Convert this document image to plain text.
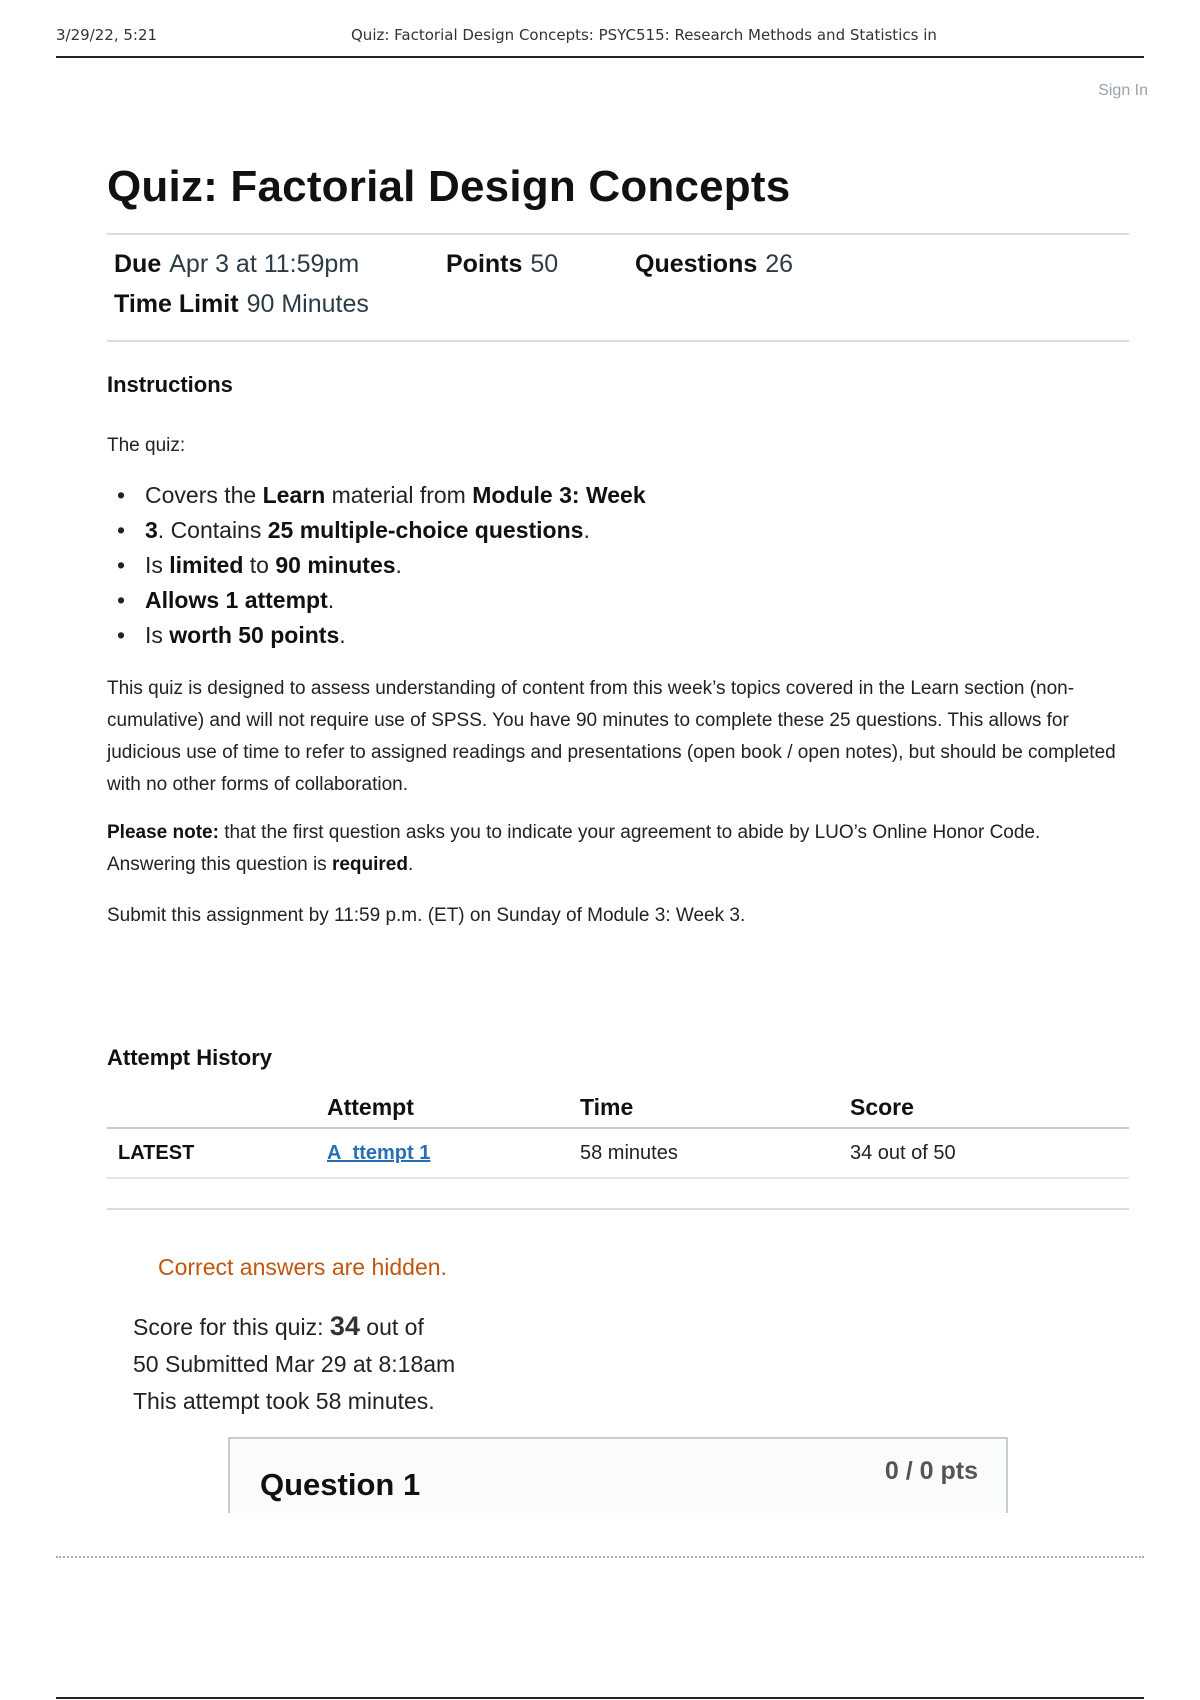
3/29/22, 5:21	Quiz: Factorial Design Concepts: PSYC515: Research Methods and Statistics in
Sign In
Quiz: Factorial Design Concepts
Due Apr 3 at 11:59pm	Points 50	Questions 26
Time Limit 90 Minutes
Instructions

The quiz:

• Covers the Learn material from Module 3: Week
• 3. Contains 25 multiple-choice questions.
• Is limited to 90 minutes.
• Allows 1 attempt.
• Is worth 50 points.

This quiz is designed to assess understanding of content from this week’s topics covered in the Learn section (non-cumulative) and will not require use of SPSS. You have 90 minutes to complete these 25 questions. This allows for judicious use of time to refer to assigned readings and presentations (open book / open notes), but should be completed with no other forms of collaboration.

Please note: that the first question asks you to indicate your agreement to abide by LUO’s Online Honor Code. Answering this question is required.

Submit this assignment by 11:59 p.m. (ET) on Sunday of Module 3: Week 3.

Attempt History
	Attempt	Time	Score
LATEST	A_ttempt 1	58 minutes	34 out of 50
Correct answers are hidden.
Score for this quiz: 34 out of
50 Submitted Mar 29 at 8:18am
This attempt took 58 minutes.
Question 1	0 / 0 pts
